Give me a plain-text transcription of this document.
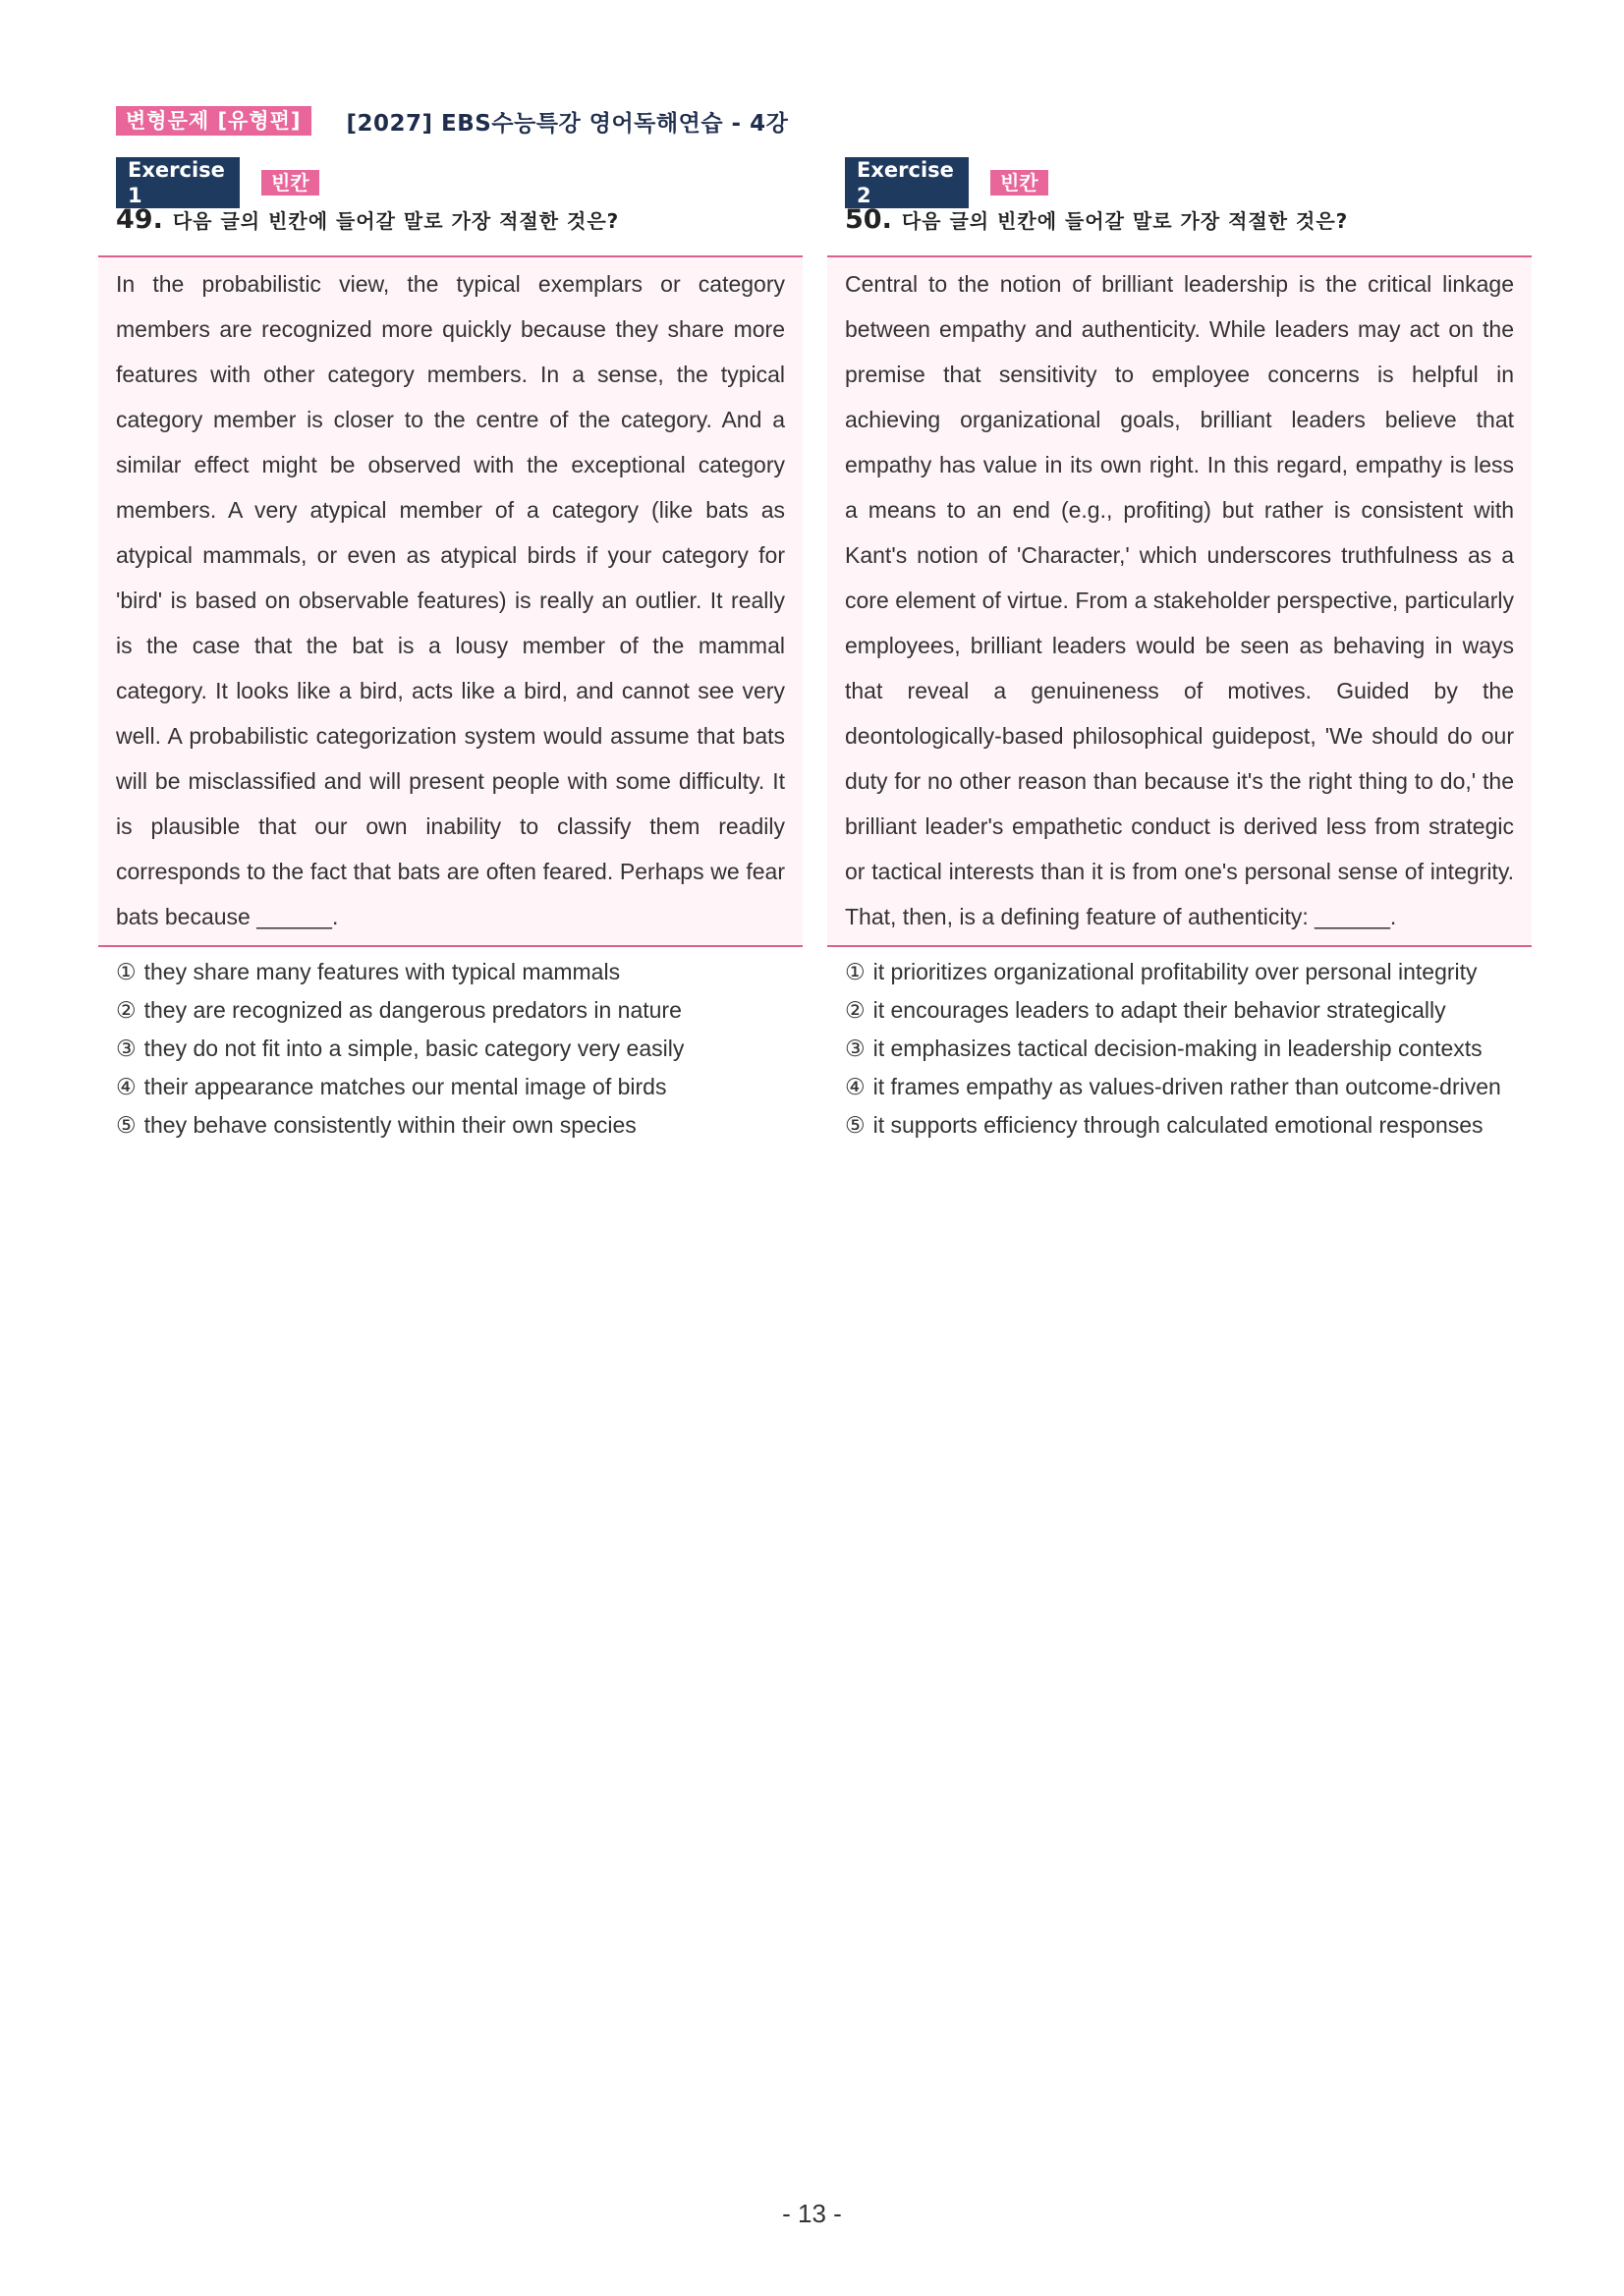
변형문제 [유형편]	[2027] EBS수능특강 영어독해연습 - 4강
Exercise 1
빈칸
49. 다음 글의 빈칸에 들어갈 말로 가장 적절한 것은?

In the probabilistic view, the typical exemplars or category members are recognized more quickly because they share more features with other category members. In a sense, the typical category member is closer to the centre of the category. And a similar effect might be observed with the exceptional category members. A very atypical member of a category (like bats as atypical mammals, or even as atypical birds if your category for 'bird' is based on observable features) is really an outlier. It really is the case that the bat is a lousy member of the mammal category. It looks like a bird, acts like a bird, and cannot see very well. A probabilistic categorization system would assume that bats will be misclassified and will present people with some difficulty. It is plausible that our own inability to classify them readily corresponds to the fact that bats are often feared. Perhaps we fear bats because ______.

① they share many features with typical mammals
② they are recognized as dangerous predators in nature
③ they do not fit into a simple, basic category very easily
④ their appearance matches our mental image of birds
⑤ they behave consistently within their own species
Exercise 2
빈칸
50. 다음 글의 빈칸에 들어갈 말로 가장 적절한 것은?

Central to the notion of brilliant leadership is the critical linkage between empathy and authenticity. While leaders may act on the premise that sensitivity to employee concerns is helpful in achieving organizational goals, brilliant leaders believe that empathy has value in its own right. In this regard, empathy is less a means to an end (e.g., profiting) but rather is consistent with Kant's notion of 'Character,' which underscores truthfulness as a core element of virtue. From a stakeholder perspective, particularly employees, brilliant leaders would be seen as behaving in ways that reveal a genuineness of motives. Guided by the deontologically-based philosophical guidepost, 'We should do our duty for no other reason than because it's the right thing to do,' the brilliant leader's empathetic conduct is derived less from strategic or tactical interests than it is from one's personal sense of integrity. That, then, is a defining feature of authenticity: ______.

① it prioritizes organizational profitability over personal integrity
② it encourages leaders to adapt their behavior strategically
③ it emphasizes tactical decision-making in leadership contexts
④ it frames empathy as values-driven rather than outcome-driven
⑤ it supports efficiency through calculated emotional responses
- 13 -
